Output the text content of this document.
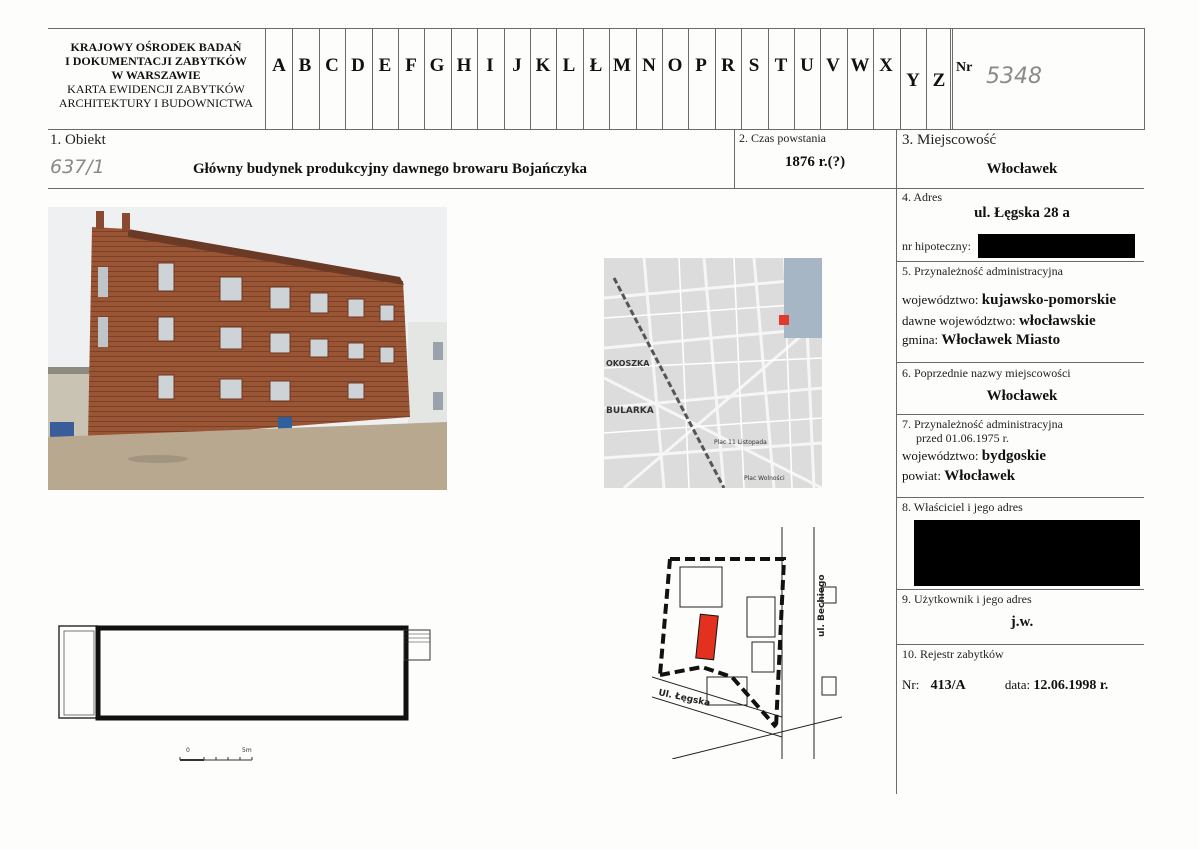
KRAJOWY OŚRODEK BADAŃ
I DOKUMENTACJI ZABYTKÓW
W WARSZAWIE
KARTA EWIDENCJI ZABYTKÓW
ARCHITEKTURY I BUDOWNICTWA
A B C D E F G H I J K L Ł M N O P R S T U V W X
Y Z
Nr 5348
1. Obiekt
637/1	Główny budynek produkcyjny dawnego browaru Bojańczyka
2. Czas powstania
1876 r.(?)
3. Miejscowość
Włocławek
4. Adres
ul. Łęgska 28 a
nr hipoteczny:
5. Przynależność administracyjna
województwo: kujawsko-pomorskie
dawne województwo: włocławskie
gmina: Włocławek Miasto
6. Poprzednie nazwy miejscowości
Włocławek
7. Przynależność administracyjna
przed 01.06.1975 r.
województwo: bydgoskie
powiat: Włocławek
8. Właściciel i jego adres
9. Użytkownik i jego adres
j.w.
10. Rejestr zabytków
Nr: 413/A	data: 12.06.1998 r.
BULARKA
OKOSZKA
Plac Wolności
Plac 11 Listopada
ul. Bechiego
Ul. Łęgska
0	5m
